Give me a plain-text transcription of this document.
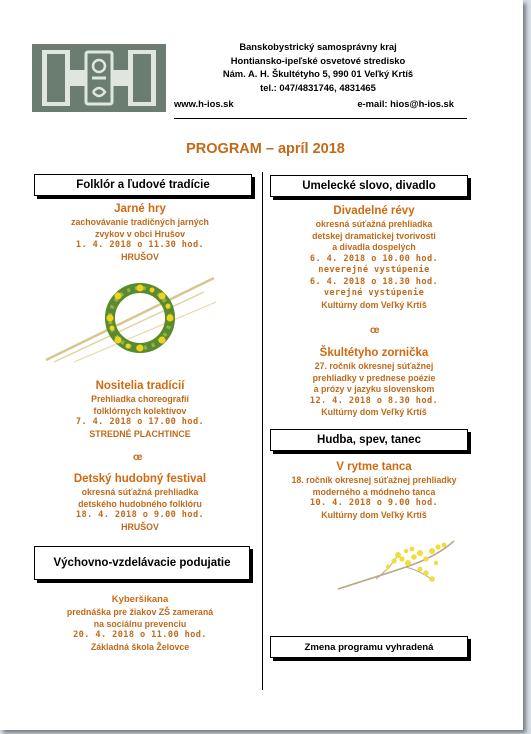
Banskobystrický samosprávny kraj
Hontiansko-ipeľské osvetové stredisko
Nám. A. H. Škultétyho 5, 990 01 Veľký Krtíš
tel.: 047/4831746, 4831465
www.h-ios.sk	e-mail: hios@h-ios.sk
PROGRAM – apríl 2018
Folklór a ľudové tradície
Jarné hry
zachovávanie tradičných jarných
zvykov v obci Hrušov
1. 4. 2018 o 11.30 hod.
HRUŠOV
Nositelia tradícií
Prehliadka choreografií
folklórnych kolektívov
7. 4. 2018 o 17.00 hod.
STREDNÉ PLACHTINCE
œ
Detský hudobný festival
okresná súťažná prehliadka
detského hudobného folklóru
18. 4. 2018 o 9.00 hod.
HRUŠOV
Výchovno-vzdelávacie podujatie
Kyberšikana
prednáška pre žiakov ZŠ zameraná
na sociálnu prevenciu
20. 4. 2018 o 11.00 hod.
Základná škola Želovce
Umelecké slovo, divadlo
Divadelné révy
okresná súťažná prehliadka
detskej dramatickej tvorivosti
a divadla dospelých
6. 4. 2018 o 10.00 hod.
neverejné vystúpenie
6. 4. 2018 o 18.30 hod.
verejné vystúpenie
Kultúrny dom Veľký Krtíš
œ
Škultétyho zornička
27. ročník okresnej súťažnej
prehliadky v prednese poézie
a prózy v jazyku slovenskom
12. 4. 2018 o 8.30 hod.
Kultúrny dom Veľký Krtíš
Hudba, spev, tanec
V rytme tanca
18. ročník okresnej súťažnej prehliadky
moderného a módneho tanca
10. 4. 2018 o 9.00 hod.
Kultúrny dom Veľký Krtíš
Zmena programu vyhradená
